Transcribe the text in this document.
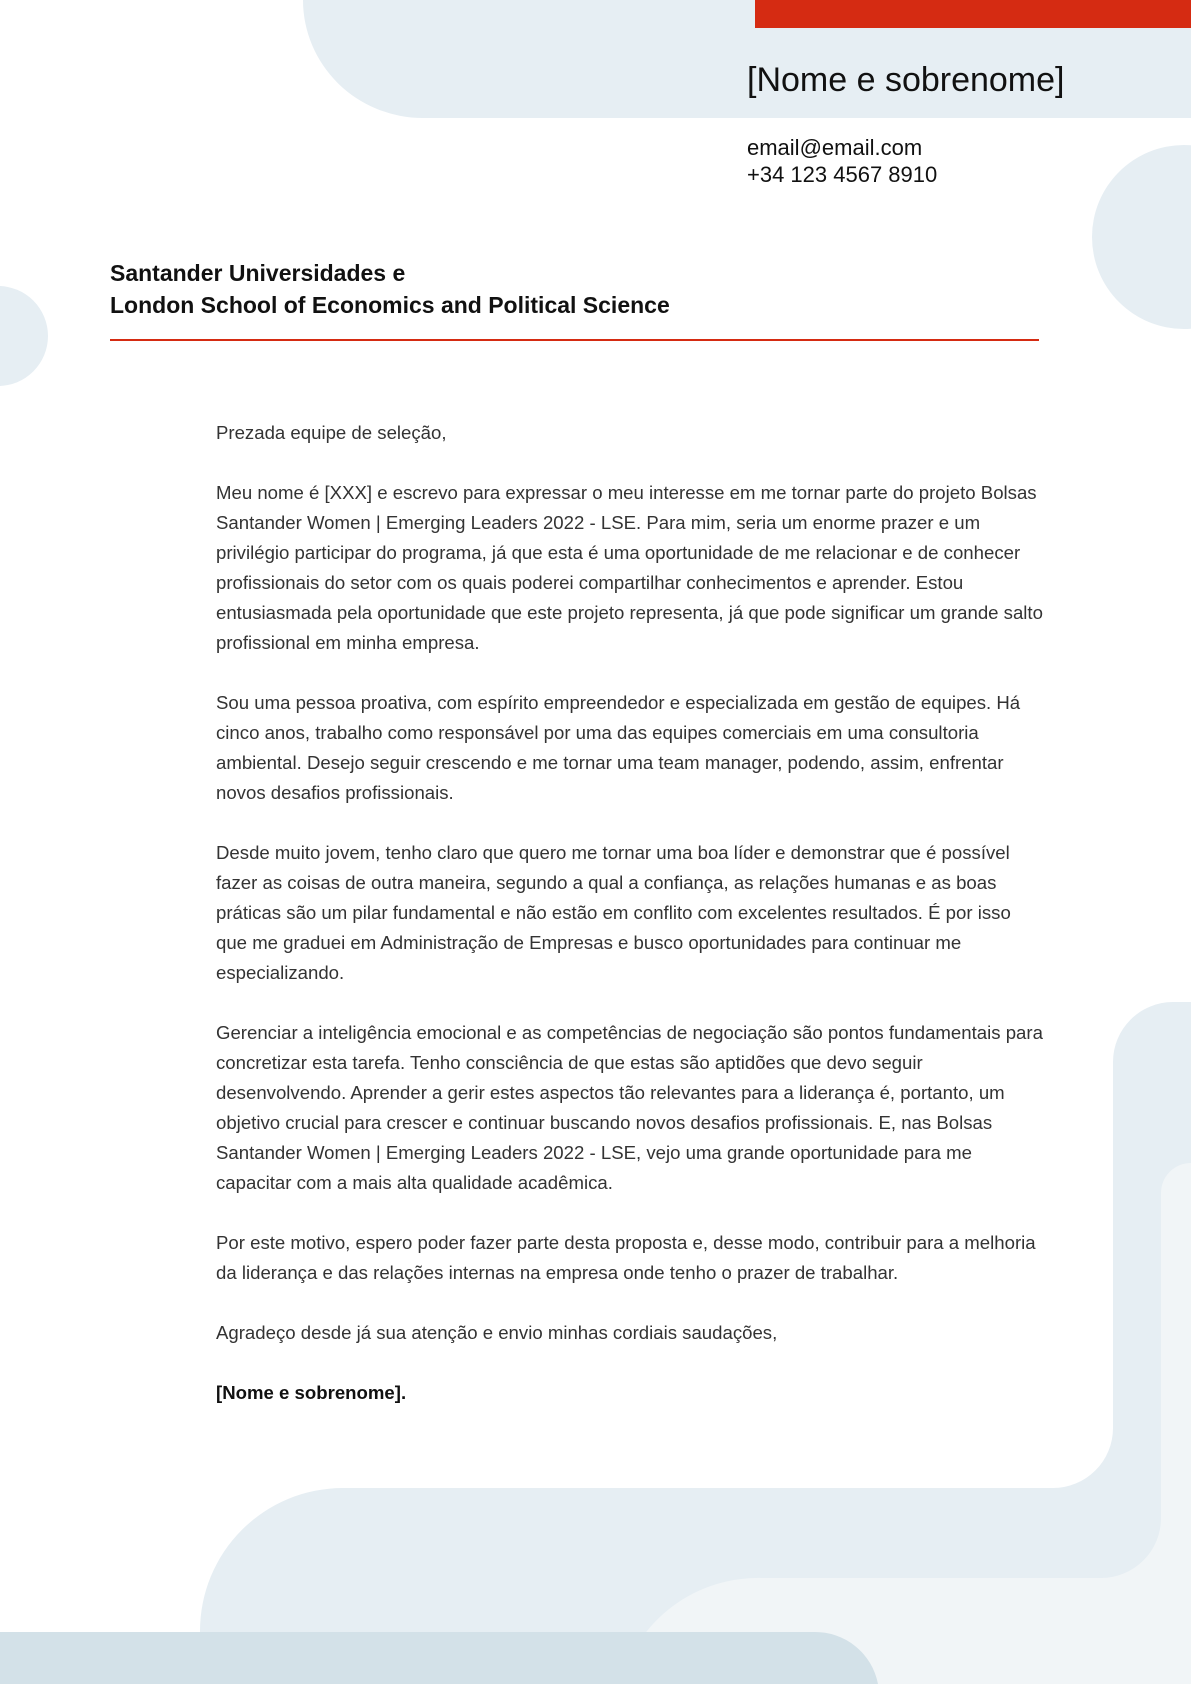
[Nome e sobrenome]
email@email.com
+34 123 4567 8910
Santander Universidades e
London School of Economics and Political Science

Prezada equipe de seleção,

Meu nome é [XXX] e escrevo para expressar o meu interesse em me tornar parte do projeto Bolsas Santander Women | Emerging Leaders 2022 - LSE. Para mim, seria um enorme prazer e um privilégio participar do programa, já que esta é uma oportunidade de me relacionar e de conhecer profissionais do setor com os quais poderei compartilhar conhecimentos e aprender. Estou entusiasmada pela oportunidade que este projeto representa, já que pode significar um grande salto profissional em minha empresa.

Sou uma pessoa proativa, com espírito empreendedor e especializada em gestão de equipes. Há cinco anos, trabalho como responsável por uma das equipes comerciais em uma consultoria ambiental. Desejo seguir crescendo e me tornar uma team manager, podendo, assim, enfrentar novos desafios profissionais.

Desde muito jovem, tenho claro que quero me tornar uma boa líder e demonstrar que é possível fazer as coisas de outra maneira, segundo a qual a confiança, as relações humanas e as boas práticas são um pilar fundamental e não estão em conflito com excelentes resultados. É por isso que me graduei em Administração de Empresas e busco oportunidades para continuar me especializando.

Gerenciar a inteligência emocional e as competências de negociação são pontos fundamentais para concretizar esta tarefa. Tenho consciência de que estas são aptidões que devo seguir desenvolvendo. Aprender a gerir estes aspectos tão relevantes para a liderança é, portanto, um objetivo crucial para crescer e continuar buscando novos desafios profissionais. E, nas Bolsas Santander Women | Emerging Leaders 2022 - LSE, vejo uma grande oportunidade para me capacitar com a mais alta qualidade acadêmica.

Por este motivo, espero poder fazer parte desta proposta e, desse modo, contribuir para a melhoria da liderança e das relações internas na empresa onde tenho o prazer de trabalhar.

Agradeço desde já sua atenção e envio minhas cordiais saudações,

[Nome e sobrenome].
